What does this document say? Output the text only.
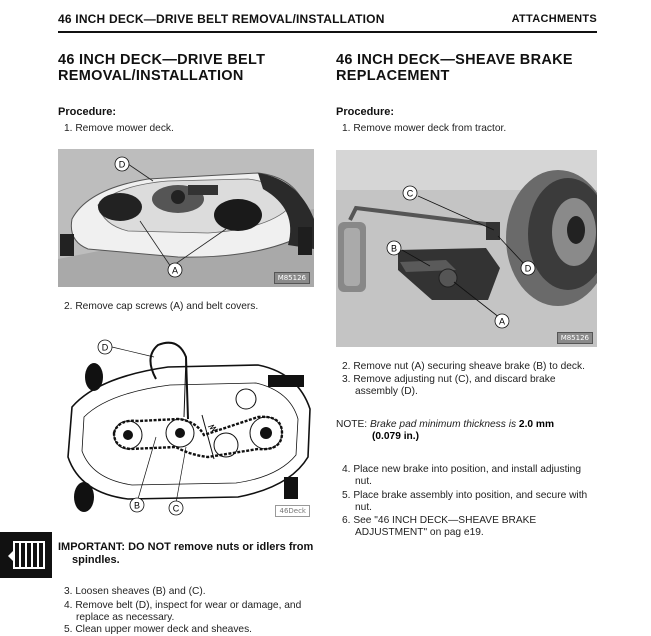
46 INCH DECK—DRIVE BELT REMOVAL/INSTALLATION	ATTACHMENTS
46 INCH DECK—DRIVE BELT
REMOVAL/INSTALLATION
Procedure:
1. Remove mower deck.
D
A
M85126
2. Remove cap screws (A) and belt covers.
D
B	C	46Deck
IMPORTANT: DO NOT remove nuts or idlers from
spindles.
3. Loosen sheaves (B) and (C).
4. Remove belt (D), inspect for wear or damage, and
replace as necessary.
5. Clean upper mower deck and sheaves.
46 INCH DECK—SHEAVE BRAKE
REPLACEMENT
Procedure:
1. Remove mower deck from tractor.
C
B
D
A
M85126
2. Remove nut (A) securing sheave brake (B) to deck.
3. Remove adjusting nut (C), and discard brake
assembly (D).
NOTE: Brake pad minimum thickness is 2.0 mm
(0.079 in.)
4. Place new brake into position, and install adjusting
nut.
5. Place brake assembly into position, and secure with
nut.
6. See "46 INCH DECK—SHEAVE BRAKE
ADJUSTMENT" on pag e19.
